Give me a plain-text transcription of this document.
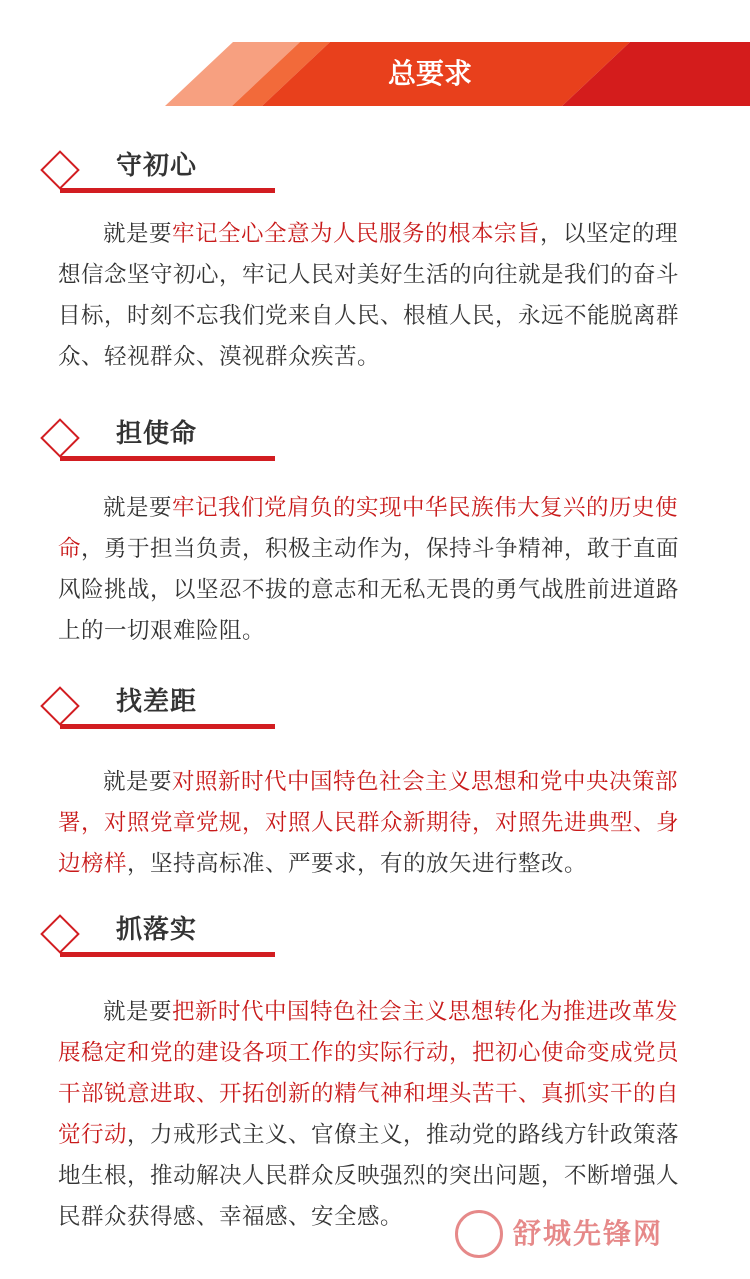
总要求
守初心
就是要牢记全心全意为人民服务的根本宗旨，以坚定的理想信念坚守初心，牢记人民对美好生活的向往就是我们的奋斗目标，时刻不忘我们党来自人民、根植人民，永远不能脱离群众、轻视群众、漠视群众疾苦。
担使命
就是要牢记我们党肩负的实现中华民族伟大复兴的历史使命，勇于担当负责，积极主动作为，保持斗争精神，敢于直面风险挑战，以坚忍不拔的意志和无私无畏的勇气战胜前进道路上的一切艰难险阻。
找差距
就是要对照新时代中国特色社会主义思想和党中央决策部署，对照党章党规，对照人民群众新期待，对照先进典型、身边榜样，坚持高标准、严要求，有的放矢进行整改。
抓落实
就是要把新时代中国特色社会主义思想转化为推进改革发展稳定和党的建设各项工作的实际行动，把初心使命变成党员干部锐意进取、开拓创新的精气神和埋头苦干、真抓实干的自觉行动，力戒形式主义、官僚主义，推动党的路线方针政策落地生根，推动解决人民群众反映强烈的突出问题，不断增强人民群众获得感、幸福感、安全感。	舒城先锋网
